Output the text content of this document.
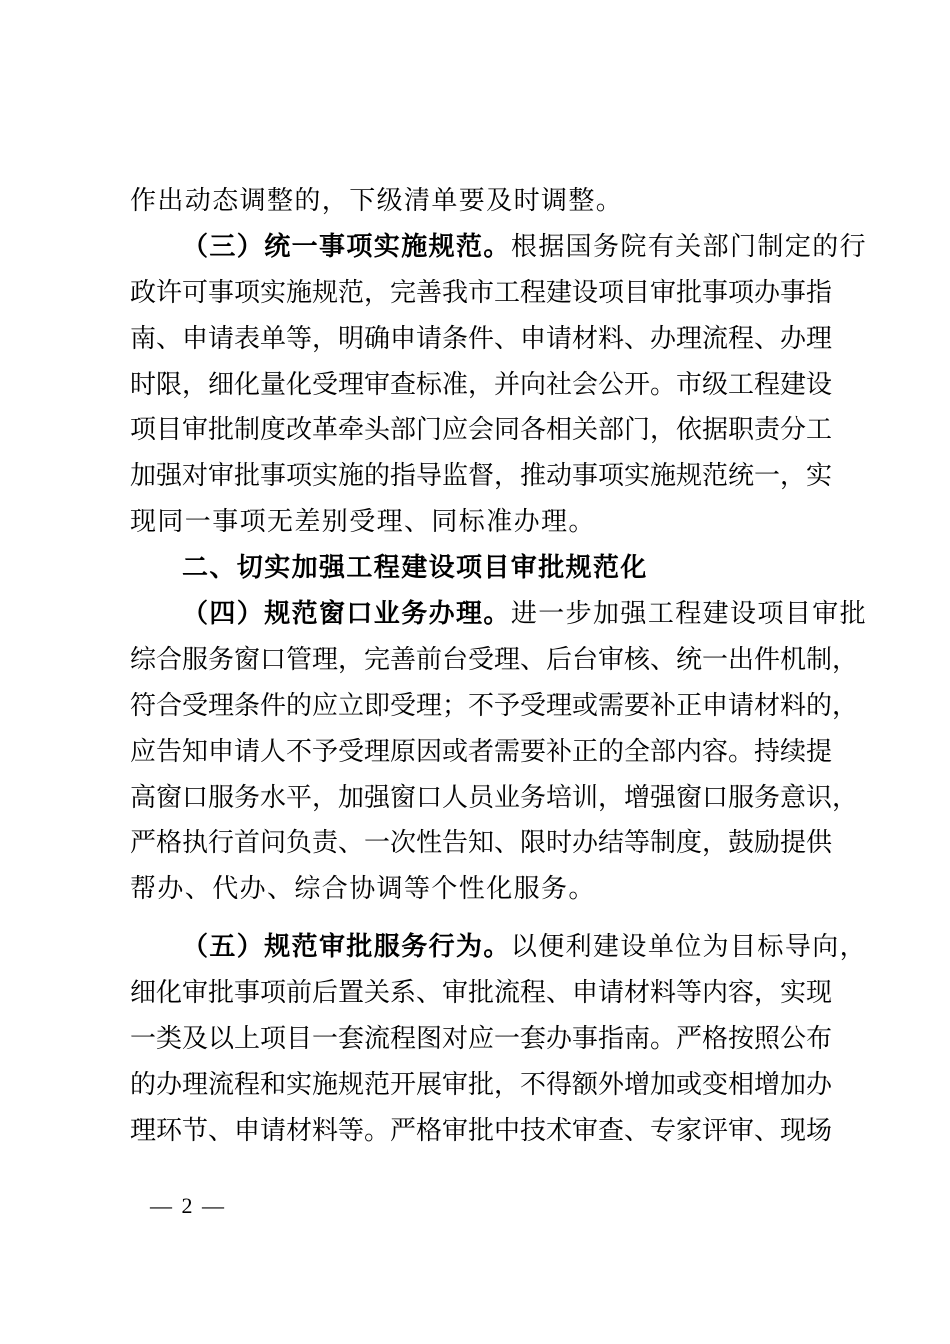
作出动态调整的，下级清单要及时调整。
（三）统一事项实施规范。根据国务院有关部门制定的行
政许可事项实施规范，完善我市工程建设项目审批事项办事指
南、申请表单等，明确申请条件、申请材料、办理流程、办理
时限，细化量化受理审查标准，并向社会公开。市级工程建设
项目审批制度改革牵头部门应会同各相关部门，依据职责分工
加强对审批事项实施的指导监督，推动事项实施规范统一，实
现同一事项无差别受理、同标准办理。
二、切实加强工程建设项目审批规范化
（四）规范窗口业务办理。进一步加强工程建设项目审批
综合服务窗口管理，完善前台受理、后台审核、统一出件机制，
符合受理条件的应立即受理；不予受理或需要补正申请材料的，
应告知申请人不予受理原因或者需要补正的全部内容。持续提
高窗口服务水平，加强窗口人员业务培训，增强窗口服务意识，
严格执行首问负责、一次性告知、限时办结等制度，鼓励提供
帮办、代办、综合协调等个性化服务。
（五）规范审批服务行为。以便利建设单位为目标导向，
细化审批事项前后置关系、审批流程、申请材料等内容，实现
一类及以上项目一套流程图对应一套办事指南。严格按照公布
的办理流程和实施规范开展审批，不得额外增加或变相增加办
理环节、申请材料等。严格审批中技术审查、专家评审、现场
— 2 —
